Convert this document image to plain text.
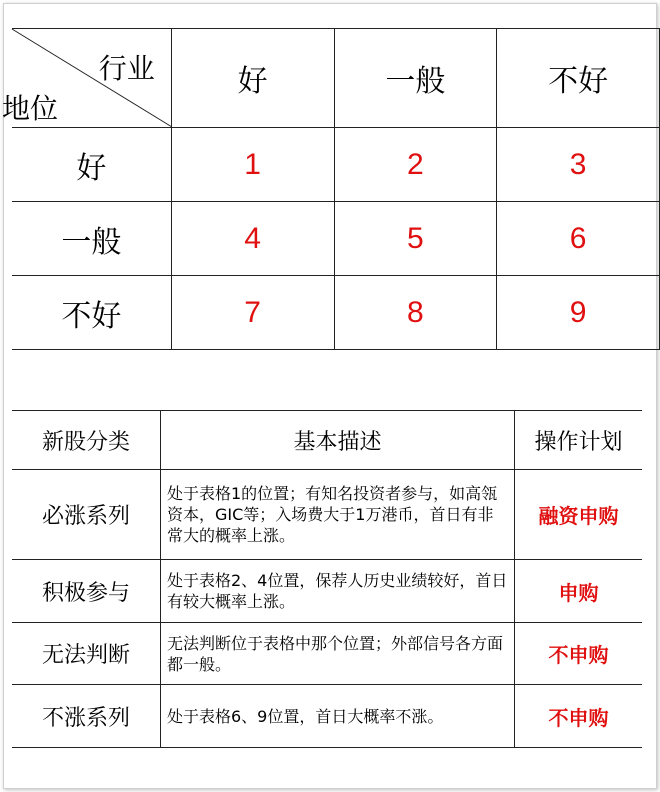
行业
地位	好	一般	不好
好	1	2	3
一般	4	5	6
不好	7	8	9
新股分类	基本描述	操作计划
必涨系列	处于表格1的位置；有知名投资者参与，如高瓴资本，GIC等；入场费大于1万港币，首日有非常大的概率上涨。	融资申购
积极参与	处于表格2、4位置，保荐人历史业绩较好，首日有较大概率上涨。	申购
无法判断	无法判断位于表格中那个位置；外部信号各方面都一般。	不申购
不涨系列	处于表格6、9位置，首日大概率不涨。	不申购
